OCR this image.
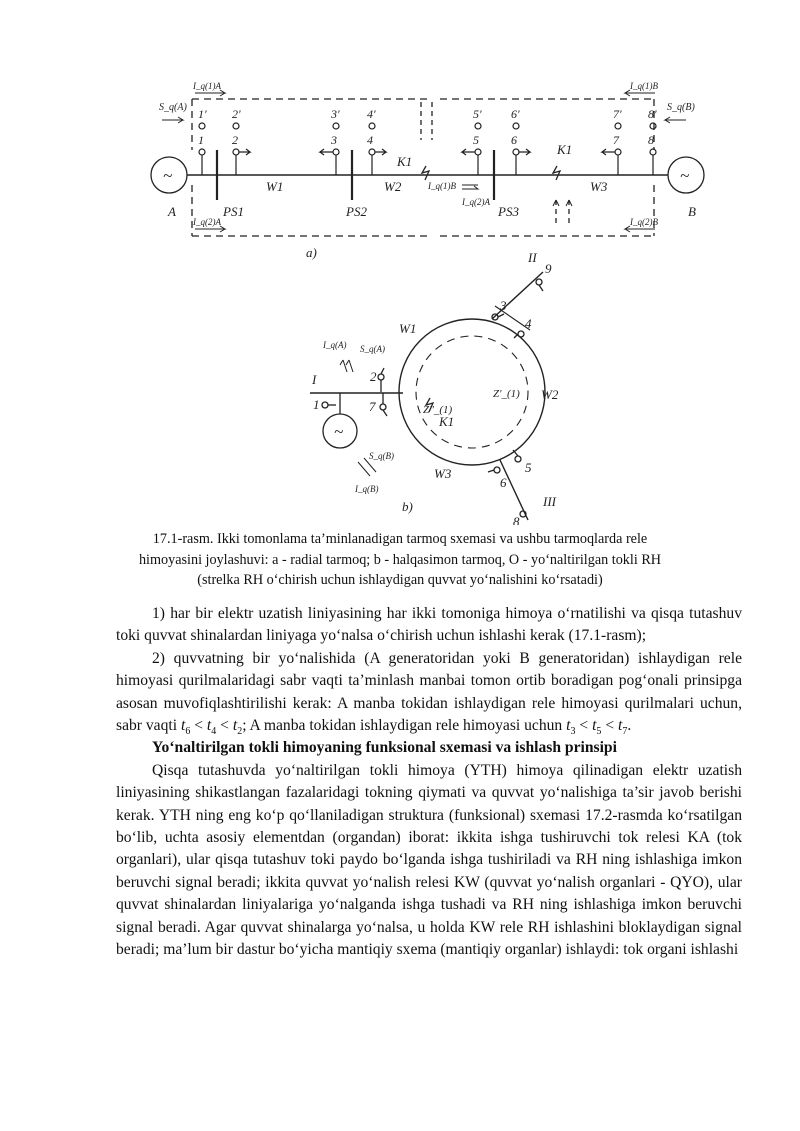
~	~
A	B
PS1	PS2	PS3
W1	W2	W3
K1
K1
1' 2'	3' 4'	5' 6'	7' 8'
1 2	3	4	5	6	7 8
I_q(1)A	I_q(1)B
I_q(2)A	I_q(2)B
I_q(1)B
I_q(2)A
S_q(A)	S_q(B)
a)
~
I
II
III
W1
W2
W3
K1
Z'_(1)
Z''_(1)
I_q(A) S_q(A)
S_q(B)
I_q(B)
1
2
3
4
5
6
7
8
9
b)
17.1-rasm. Ikki tomonlama ta’minlanadigan tarmoq sxemasi va ushbu tarmoqlarda rele
himoyasini joylashuvi: a - radial tarmoq; b - halqasimon tarmoq, O - yo‘naltirilgan tokli RH
(strelka RH o‘chirish uchun ishlaydigan quvvat yo‘nalishini ko‘rsatadi)

1) har bir elektr uzatish liniyasining har ikki tomoniga himoya o‘rnatilishi va qisqa tutashuv toki quvvat shinalardan liniyaga yo‘nalsa o‘chirish uchun ishlashi kerak (17.1-rasm);

2) quvvatning bir yo‘nalishida (A generatoridan yoki B generatoridan) ishlaydigan rele himoyasi qurilmalaridagi sabr vaqti ta’minlash manbai tomon ortib boradigan pog‘onali prinsipga asosan muvofiqlashtirilishi kerak: A manba tokidan ishlaydigan rele himoyasi qurilmalari uchun, sabr vaqti $t_6 < t_4 < t_2$; A manba tokidan ishlaydigan rele himoyasi uchun $t_3 < t_5 < t_7$.

Yo‘naltirilgan tokli himoyaning funksional sxemasi va ishlash prinsipi

Qisqa tutashuvda yo‘naltirilgan tokli himoya (YTH) himoya qilinadigan elektr uzatish liniyasining shikastlangan fazalaridagi tokning qiymati va quvvat yo‘nalishiga ta’sir javob berishi kerak. YTH ning eng ko‘p qo‘llaniladigan struktura (funksional) sxemasi 17.2-rasmda ko‘rsatilgan bo‘lib, uchta asosiy elementdan (organdan) iborat: ikkita ishga tushiruvchi tok relesi KA (tok organlari), ular qisqa tutashuv toki paydo bo‘lganda ishga tushiriladi va RH ning ishlashiga imkon beruvchi signal beradi; ikkita quvvat yo‘nalish relesi KW (quvvat yo‘nalish organlari - QYO), ular quvvat shinalardan liniyalariga yo‘nalganda ishga tushadi va RH ning ishlashiga imkon beruvchi signal beradi. Agar quvvat shinalarga yo‘nalsa, u holda KW rele RH ishlashini bloklaydigan signal beradi; ma’lum bir dastur bo‘yicha mantiqiy sxema (mantiqiy organlar) ishlaydi: tok organi ishlashi
